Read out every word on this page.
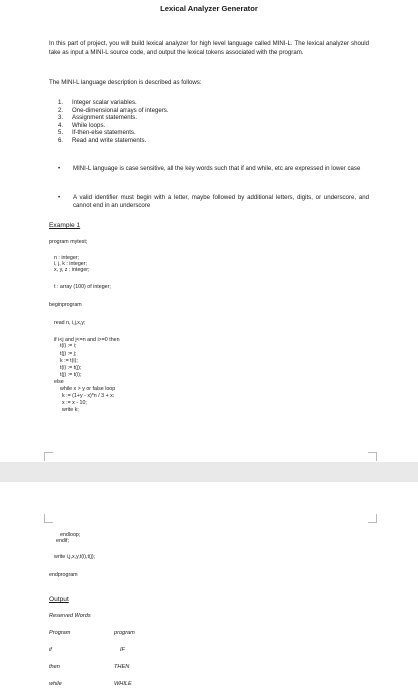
Lexical Analyzer Generator
In this part of project, you will build lexical analyzer for high level language called MINI-L. The lexical analyzer should take as input a MINI-L source code, and output the lexical tokens associated with the program.
The MINI-L language description is described as follows:
1. Integer scalar variables.
2. One-dimensional arrays of integers.
3. Assignment statements.
4. While loops.
5. If-then-else statements.
6. Read and write statements.
• MINI-L language is case sensitive, all the key words such that if and while, etc are expressed in lower case
• A valid identifier must begin with a letter, maybe followed by additional letters, digits, or underscore, and cannot end in an underscore
Example 1
program mytest;
n : integer;
i, j, k : integer;
x, y, z : integer;
t : array (100) of integer;
beginprogram
read n, i,j,x,y;
if i<j and j<=n and i>=0 then
t(i) := i;
t(j) := j;
k := t(i);
t(i) := t(j);
t(j) := t(i);
else
while x > y or false loop
k := (1+y - x)*n / 3 + x;
x := x - 10;
write k;
endloop;
endif;
write i,j,x,y,t(i),t(j);
endprogram
Output
Reserved Words
Program	program
if	IF
then	THEN
while	WHILE
